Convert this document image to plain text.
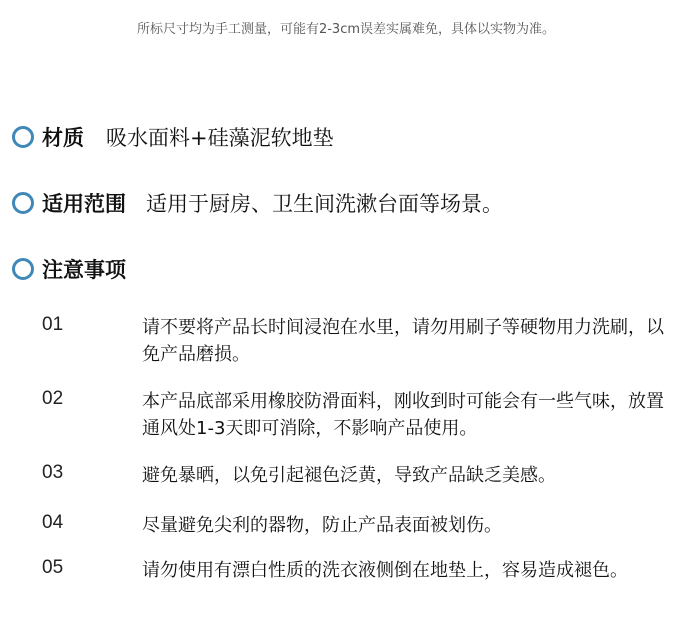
所标尺寸均为手工测量，可能有2-3cm误差实属难免，具体以实物为准。
材质 吸水面料+硅藻泥软地垫
适用范围 适用于厨房、卫生间洗漱台面等场景。
注意事项
01	请不要将产品长时间浸泡在水里，请勿用刷子等硬物用力洗刷，以免产品磨损。
02	本产品底部采用橡胶防滑面料，刚收到时可能会有一些气味，放置通风处1-3天即可消除，不影响产品使用。
03	避免暴晒，以免引起褪色泛黄，导致产品缺乏美感。
04	尽量避免尖利的器物，防止产品表面被划伤。
05	请勿使用有漂白性质的洗衣液侧倒在地垫上，容易造成褪色。
